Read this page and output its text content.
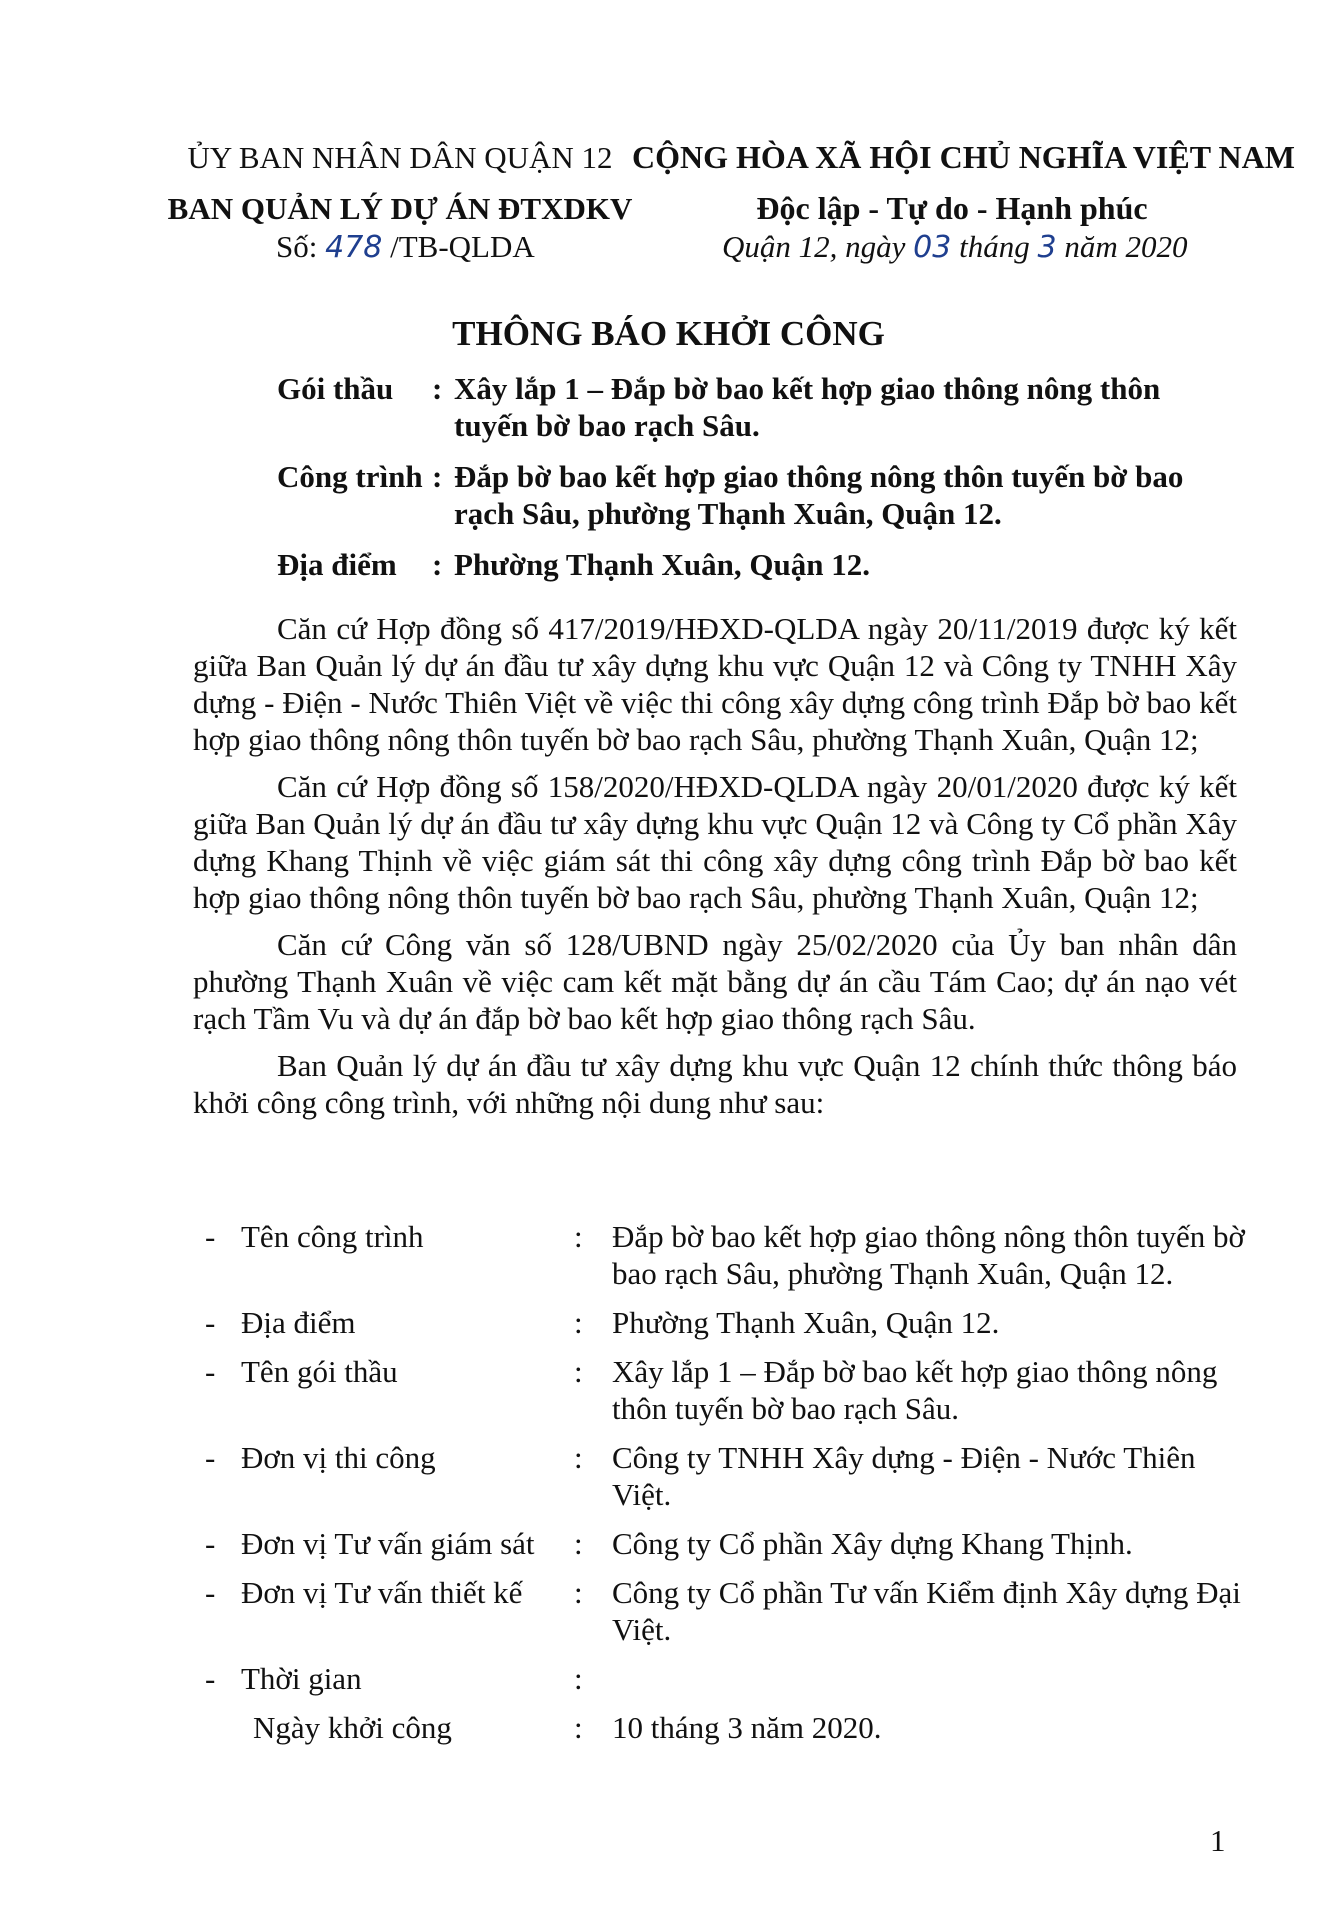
ỦY BAN NHÂN DÂN QUẬN 12
BAN QUẢN LÝ DỰ ÁN ĐTXDKV
CỘNG HÒA XÃ HỘI CHỦ NGHĨA VIỆT NAM
Độc lập - Tự do - Hạnh phúc
Số: 478 /TB-QLDA	Quận 12, ngày 03 tháng 3 năm 2020
THÔNG BÁO KHỞI CÔNG
Gói thầu	: Xây lắp 1 – Đắp bờ bao kết hợp giao thông nông thôn tuyến bờ bao rạch Sâu.
Công trình : Đắp bờ bao kết hợp giao thông nông thôn tuyến bờ bao rạch Sâu, phường Thạnh Xuân, Quận 12.
Địa điểm	: Phường Thạnh Xuân, Quận 12.

Căn cứ Hợp đồng số 417/2019/HĐXD-QLDA ngày 20/11/2019 được ký kết giữa Ban Quản lý dự án đầu tư xây dựng khu vực Quận 12 và Công ty TNHH Xây dựng - Điện - Nước Thiên Việt về việc thi công xây dựng công trình Đắp bờ bao kết hợp giao thông nông thôn tuyến bờ bao rạch Sâu, phường Thạnh Xuân, Quận 12;

Căn cứ Hợp đồng số 158/2020/HĐXD-QLDA ngày 20/01/2020 được ký kết giữa Ban Quản lý dự án đầu tư xây dựng khu vực Quận 12 và Công ty Cổ phần Xây dựng Khang Thịnh về việc giám sát thi công xây dựng công trình Đắp bờ bao kết hợp giao thông nông thôn tuyến bờ bao rạch Sâu, phường Thạnh Xuân, Quận 12;

Căn cứ Công văn số 128/UBND ngày 25/02/2020 của Ủy ban nhân dân phường Thạnh Xuân về việc cam kết mặt bằng dự án cầu Tám Cao; dự án nạo vét rạch Tầm Vu và dự án đắp bờ bao kết hợp giao thông rạch Sâu.

Ban Quản lý dự án đầu tư xây dựng khu vực Quận 12 chính thức thông báo khởi công công trình, với những nội dung như sau:

- Tên công trình	: Đắp bờ bao kết hợp giao thông nông thôn tuyến bờ bao rạch Sâu, phường Thạnh Xuân, Quận 12.
- Địa điểm	: Phường Thạnh Xuân, Quận 12.
- Tên gói thầu	: Xây lắp 1 – Đắp bờ bao kết hợp giao thông nông thôn tuyến bờ bao rạch Sâu.
- Đơn vị thi công	: Công ty TNHH Xây dựng - Điện - Nước Thiên Việt.
- Đơn vị Tư vấn giám sát	: Công ty Cổ phần Xây dựng Khang Thịnh.
- Đơn vị Tư vấn thiết kế	: Công ty Cổ phần Tư vấn Kiểm định Xây dựng Đại Việt.
- Thời gian	:
Ngày khởi công	: 10 tháng 3 năm 2020.
1
